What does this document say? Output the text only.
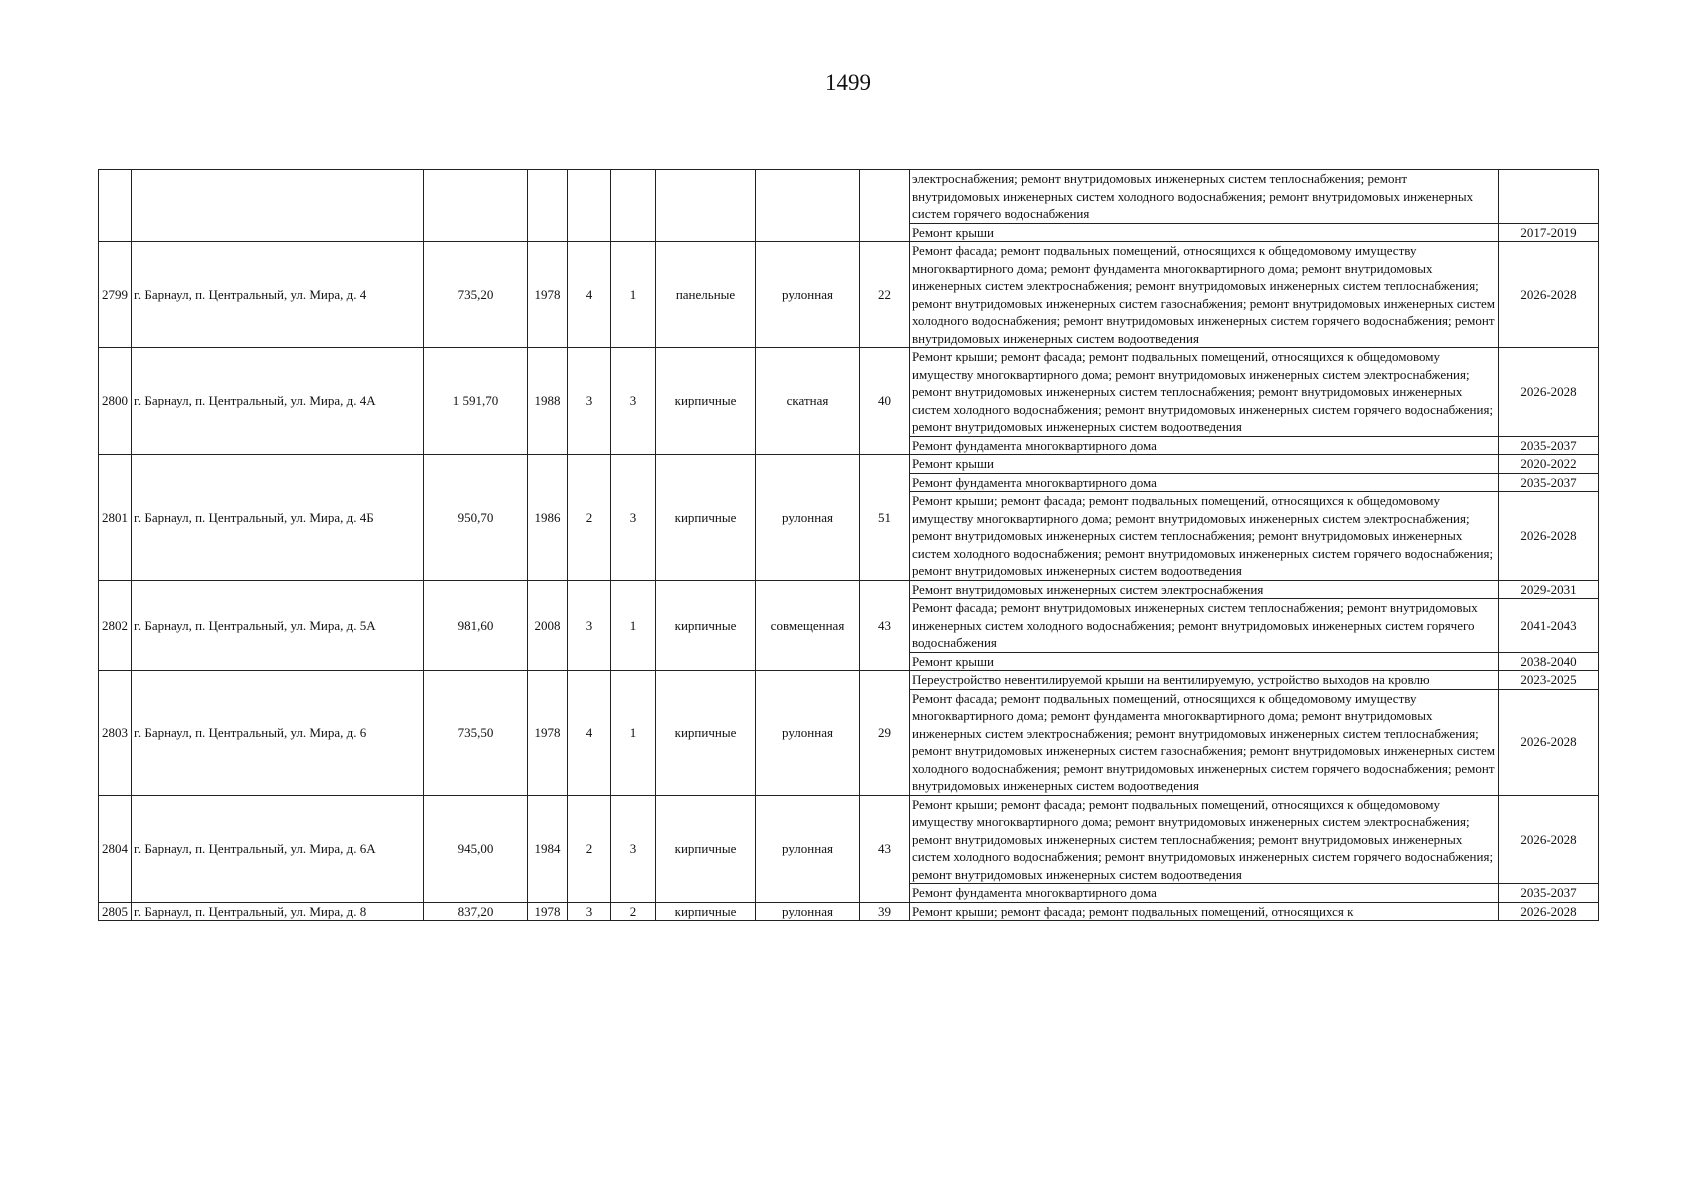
1499
									электроснабжения; ремонт внутридомовых инженерных систем теплоснабжения; ремонт внутридомовых инженерных систем холодного водоснабжения; ремонт внутридомовых инженерных систем горячего водоснабжения	
									Ремонт крыши	2017-2019
2799	г. Барнаул, п. Центральный, ул. Мира, д. 4	735,20	1978	4	1	панельные	рулонная	22	Ремонт фасада; ремонт подвальных помещений, относящихся к общедомовому имуществу многоквартирного дома; ремонт фундамента многоквартирного дома; ремонт внутридомовых инженерных систем электроснабжения; ремонт внутридомовых инженерных систем теплоснабжения; ремонт внутридомовых инженерных систем газоснабжения; ремонт внутридомовых инженерных систем холодного водоснабжения; ремонт внутридомовых инженерных систем горячего водоснабжения; ремонт внутридомовых инженерных систем водоотведения	2026-2028
2800	г. Барнаул, п. Центральный, ул. Мира, д. 4А	1 591,70	1988	3	3	кирпичные	скатная	40	Ремонт крыши; ремонт фасада; ремонт подвальных помещений, относящихся к общедомовому имуществу многоквартирного дома; ремонт внутридомовых инженерных систем электроснабжения; ремонт внутридомовых инженерных систем теплоснабжения; ремонт внутридомовых инженерных систем холодного водоснабжения; ремонт внутридомовых инженерных систем горячего водоснабжения; ремонт внутридомовых инженерных систем водоотведения	2026-2028
									Ремонт фундамента многоквартирного дома	2035-2037
2801	г. Барнаул, п. Центральный, ул. Мира, д. 4Б	950,70	1986	2	3	кирпичные	рулонная	51	Ремонт крыши	2020-2022
									Ремонт фундамента многоквартирного дома	2035-2037
									Ремонт крыши; ремонт фасада; ремонт подвальных помещений, относящихся к общедомовому имуществу многоквартирного дома; ремонт внутридомовых инженерных систем электроснабжения; ремонт внутридомовых инженерных систем теплоснабжения; ремонт внутридомовых инженерных систем холодного водоснабжения; ремонт внутридомовых инженерных систем горячего водоснабжения; ремонт внутридомовых инженерных систем водоотведения	2026-2028
2802	г. Барнаул, п. Центральный, ул. Мира, д. 5А	981,60	2008	3	1	кирпичные	совмещенная	43	Ремонт внутридомовых инженерных систем электроснабжения	2029-2031
									Ремонт фасада; ремонт внутридомовых инженерных систем теплоснабжения; ремонт внутридомовых инженерных систем холодного водоснабжения; ремонт внутридомовых инженерных систем горячего водоснабжения	2041-2043
									Ремонт крыши	2038-2040
2803	г. Барнаул, п. Центральный, ул. Мира, д. 6	735,50	1978	4	1	кирпичные	рулонная	29	Переустройство невентилируемой крыши на вентилируемую, устройство выходов на кровлю	2023-2025
									Ремонт фасада; ремонт подвальных помещений, относящихся к общедомовому имуществу многоквартирного дома; ремонт фундамента многоквартирного дома; ремонт внутридомовых инженерных систем электроснабжения; ремонт внутридомовых инженерных систем теплоснабжения; ремонт внутридомовых инженерных систем газоснабжения; ремонт внутридомовых инженерных систем холодного водоснабжения; ремонт внутридомовых инженерных систем горячего водоснабжения; ремонт внутридомовых инженерных систем водоотведения	2026-2028
2804	г. Барнаул, п. Центральный, ул. Мира, д. 6А	945,00	1984	2	3	кирпичные	рулонная	43	Ремонт крыши; ремонт фасада; ремонт подвальных помещений, относящихся к общедомовому имуществу многоквартирного дома; ремонт внутридомовых инженерных систем электроснабжения; ремонт внутридомовых инженерных систем теплоснабжения; ремонт внутридомовых инженерных систем холодного водоснабжения; ремонт внутридомовых инженерных систем горячего водоснабжения; ремонт внутридомовых инженерных систем водоотведения	2026-2028
									Ремонт фундамента многоквартирного дома	2035-2037
2805	г. Барнаул, п. Центральный, ул. Мира, д. 8	837,20	1978	3	2	кирпичные	рулонная	39	Ремонт крыши; ремонт фасада; ремонт подвальных помещений, относящихся к	2026-2028
